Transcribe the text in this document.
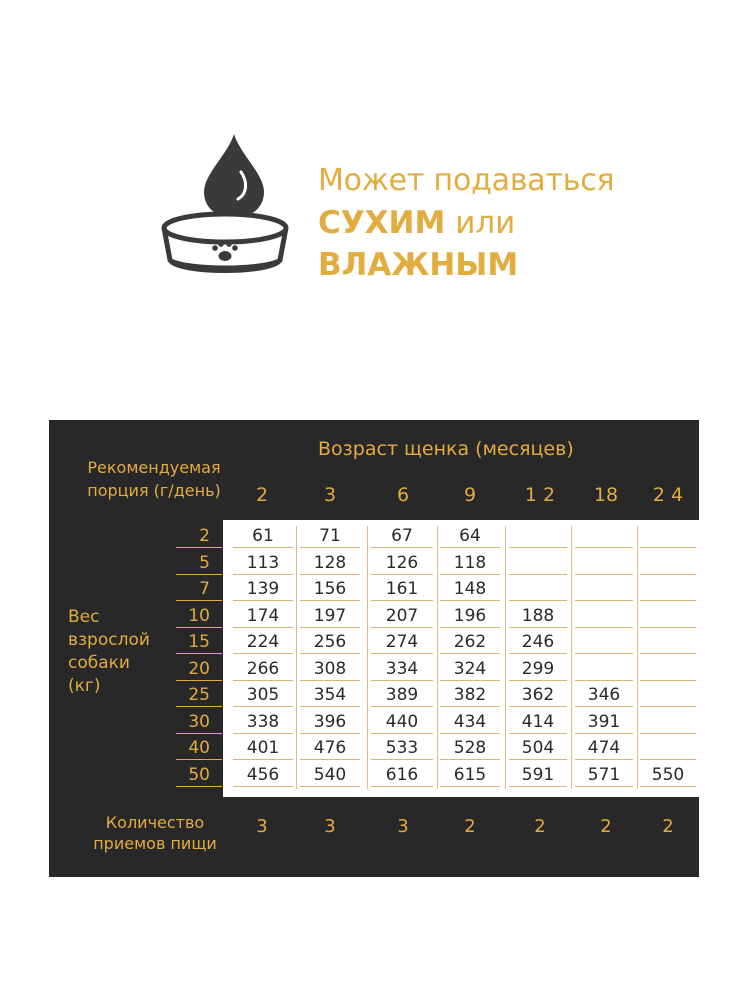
Может подаваться
СУХИМ или
ВЛАЖНЫМ
Возраст щенка (месяцев)
Рекомендуемая
порция (г/день)	2	3	6	9	1 2	18	2 4
Вес
взрослой
собаки
(кг)
2	61	71	67	64
5	113	128	126	118
7	139	156	161	148
10	174	197	207	196	188
15	224	256	274	262	246
20	266	308	334	324	299
25	305	354	389	382	362	346
30	338	396	440	434	414	391
40	401	476	533	528	504	474
50	456	540	616	615	591	571	550
Количество
приемов пищи
3	3	3	2	2	2	2
